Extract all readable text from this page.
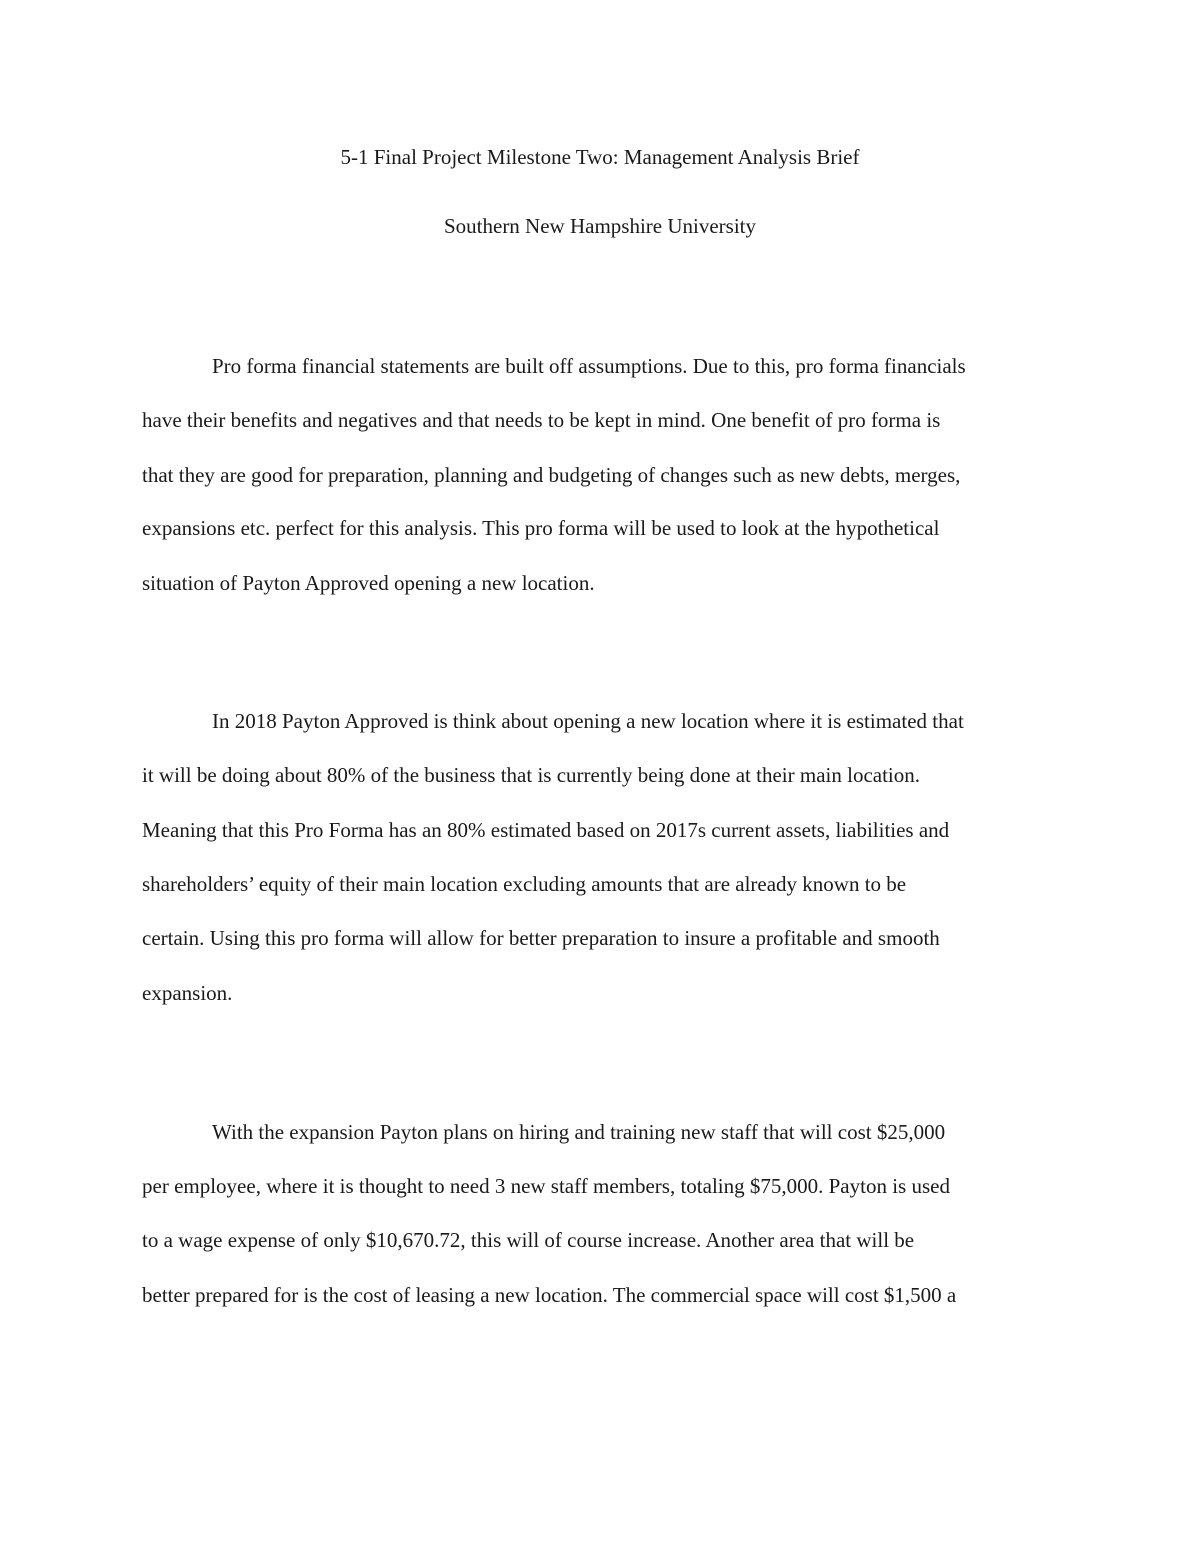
5-1 Final Project Milestone Two: Management Analysis Brief
Southern New Hampshire University
Pro forma financial statements are built off assumptions. Due to this, pro forma financials
have their benefits and negatives and that needs to be kept in mind. One benefit of pro forma is
that they are good for preparation, planning and budgeting of changes such as new debts, merges,
expansions etc. perfect for this analysis. This pro forma will be used to look at the hypothetical
situation of Payton Approved opening a new location.
In 2018 Payton Approved is think about opening a new location where it is estimated that
it will be doing about 80% of the business that is currently being done at their main location.
Meaning that this Pro Forma has an 80% estimated based on 2017s current assets, liabilities and
shareholders’ equity of their main location excluding amounts that are already known to be
certain. Using this pro forma will allow for better preparation to insure a profitable and smooth
expansion.
With the expansion Payton plans on hiring and training new staff that will cost $25,000
per employee, where it is thought to need 3 new staff members, totaling $75,000. Payton is used
to a wage expense of only $10,670.72, this will of course increase. Another area that will be
better prepared for is the cost of leasing a new location. The commercial space will cost $1,500 a
